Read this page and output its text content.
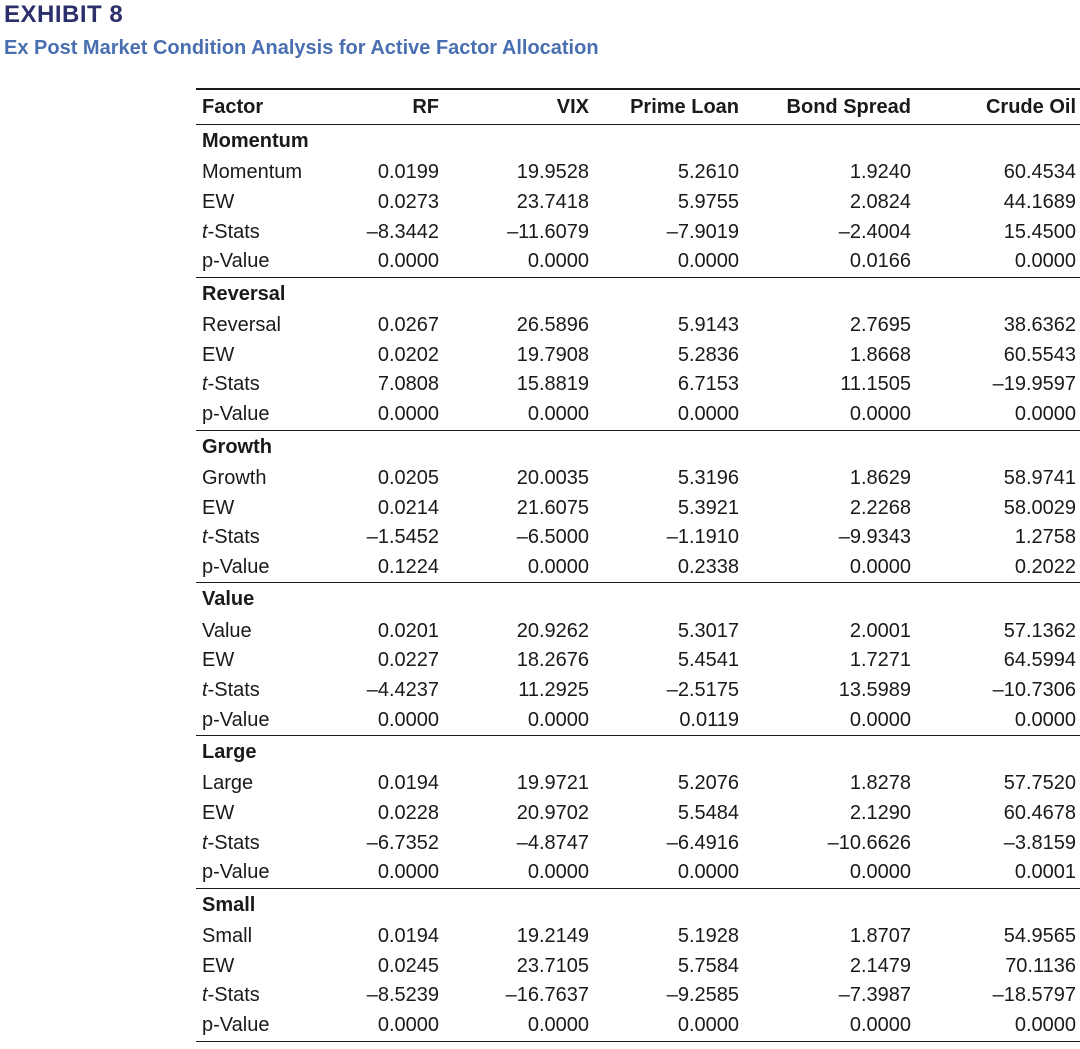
EXHIBIT 8
Ex Post Market Condition Analysis for Active Factor Allocation
Factor	RF	VIX	Prime Loan	Bond Spread	Crude Oil
Momentum					
Momentum	0.0199	19.9528	5.2610	1.9240	60.4534
EW	0.0273	23.7418	5.9755	2.0824	44.1689
t-Stats	–8.3442	–11.6079	–7.9019	–2.4004	15.4500
p-Value	0.0000	0.0000	0.0000	0.0166	0.0000
Reversal					
Reversal	0.0267	26.5896	5.9143	2.7695	38.6362
EW	0.0202	19.7908	5.2836	1.8668	60.5543
t-Stats	7.0808	15.8819	6.7153	11.1505	–19.9597
p-Value	0.0000	0.0000	0.0000	0.0000	0.0000
Growth					
Growth	0.0205	20.0035	5.3196	1.8629	58.9741
EW	0.0214	21.6075	5.3921	2.2268	58.0029
t-Stats	–1.5452	–6.5000	–1.1910	–9.9343	1.2758
p-Value	0.1224	0.0000	0.2338	0.0000	0.2022
Value					
Value	0.0201	20.9262	5.3017	2.0001	57.1362
EW	0.0227	18.2676	5.4541	1.7271	64.5994
t-Stats	–4.4237	11.2925	–2.5175	13.5989	–10.7306
p-Value	0.0000	0.0000	0.0119	0.0000	0.0000
Large					
Large	0.0194	19.9721	5.2076	1.8278	57.7520
EW	0.0228	20.9702	5.5484	2.1290	60.4678
t-Stats	–6.7352	–4.8747	–6.4916	–10.6626	–3.8159
p-Value	0.0000	0.0000	0.0000	0.0000	0.0001
Small					
Small	0.0194	19.2149	5.1928	1.8707	54.9565
EW	0.0245	23.7105	5.7584	2.1479	70.1136
t-Stats	–8.5239	–16.7637	–9.2585	–7.3987	–18.5797
p-Value	0.0000	0.0000	0.0000	0.0000	0.0000
